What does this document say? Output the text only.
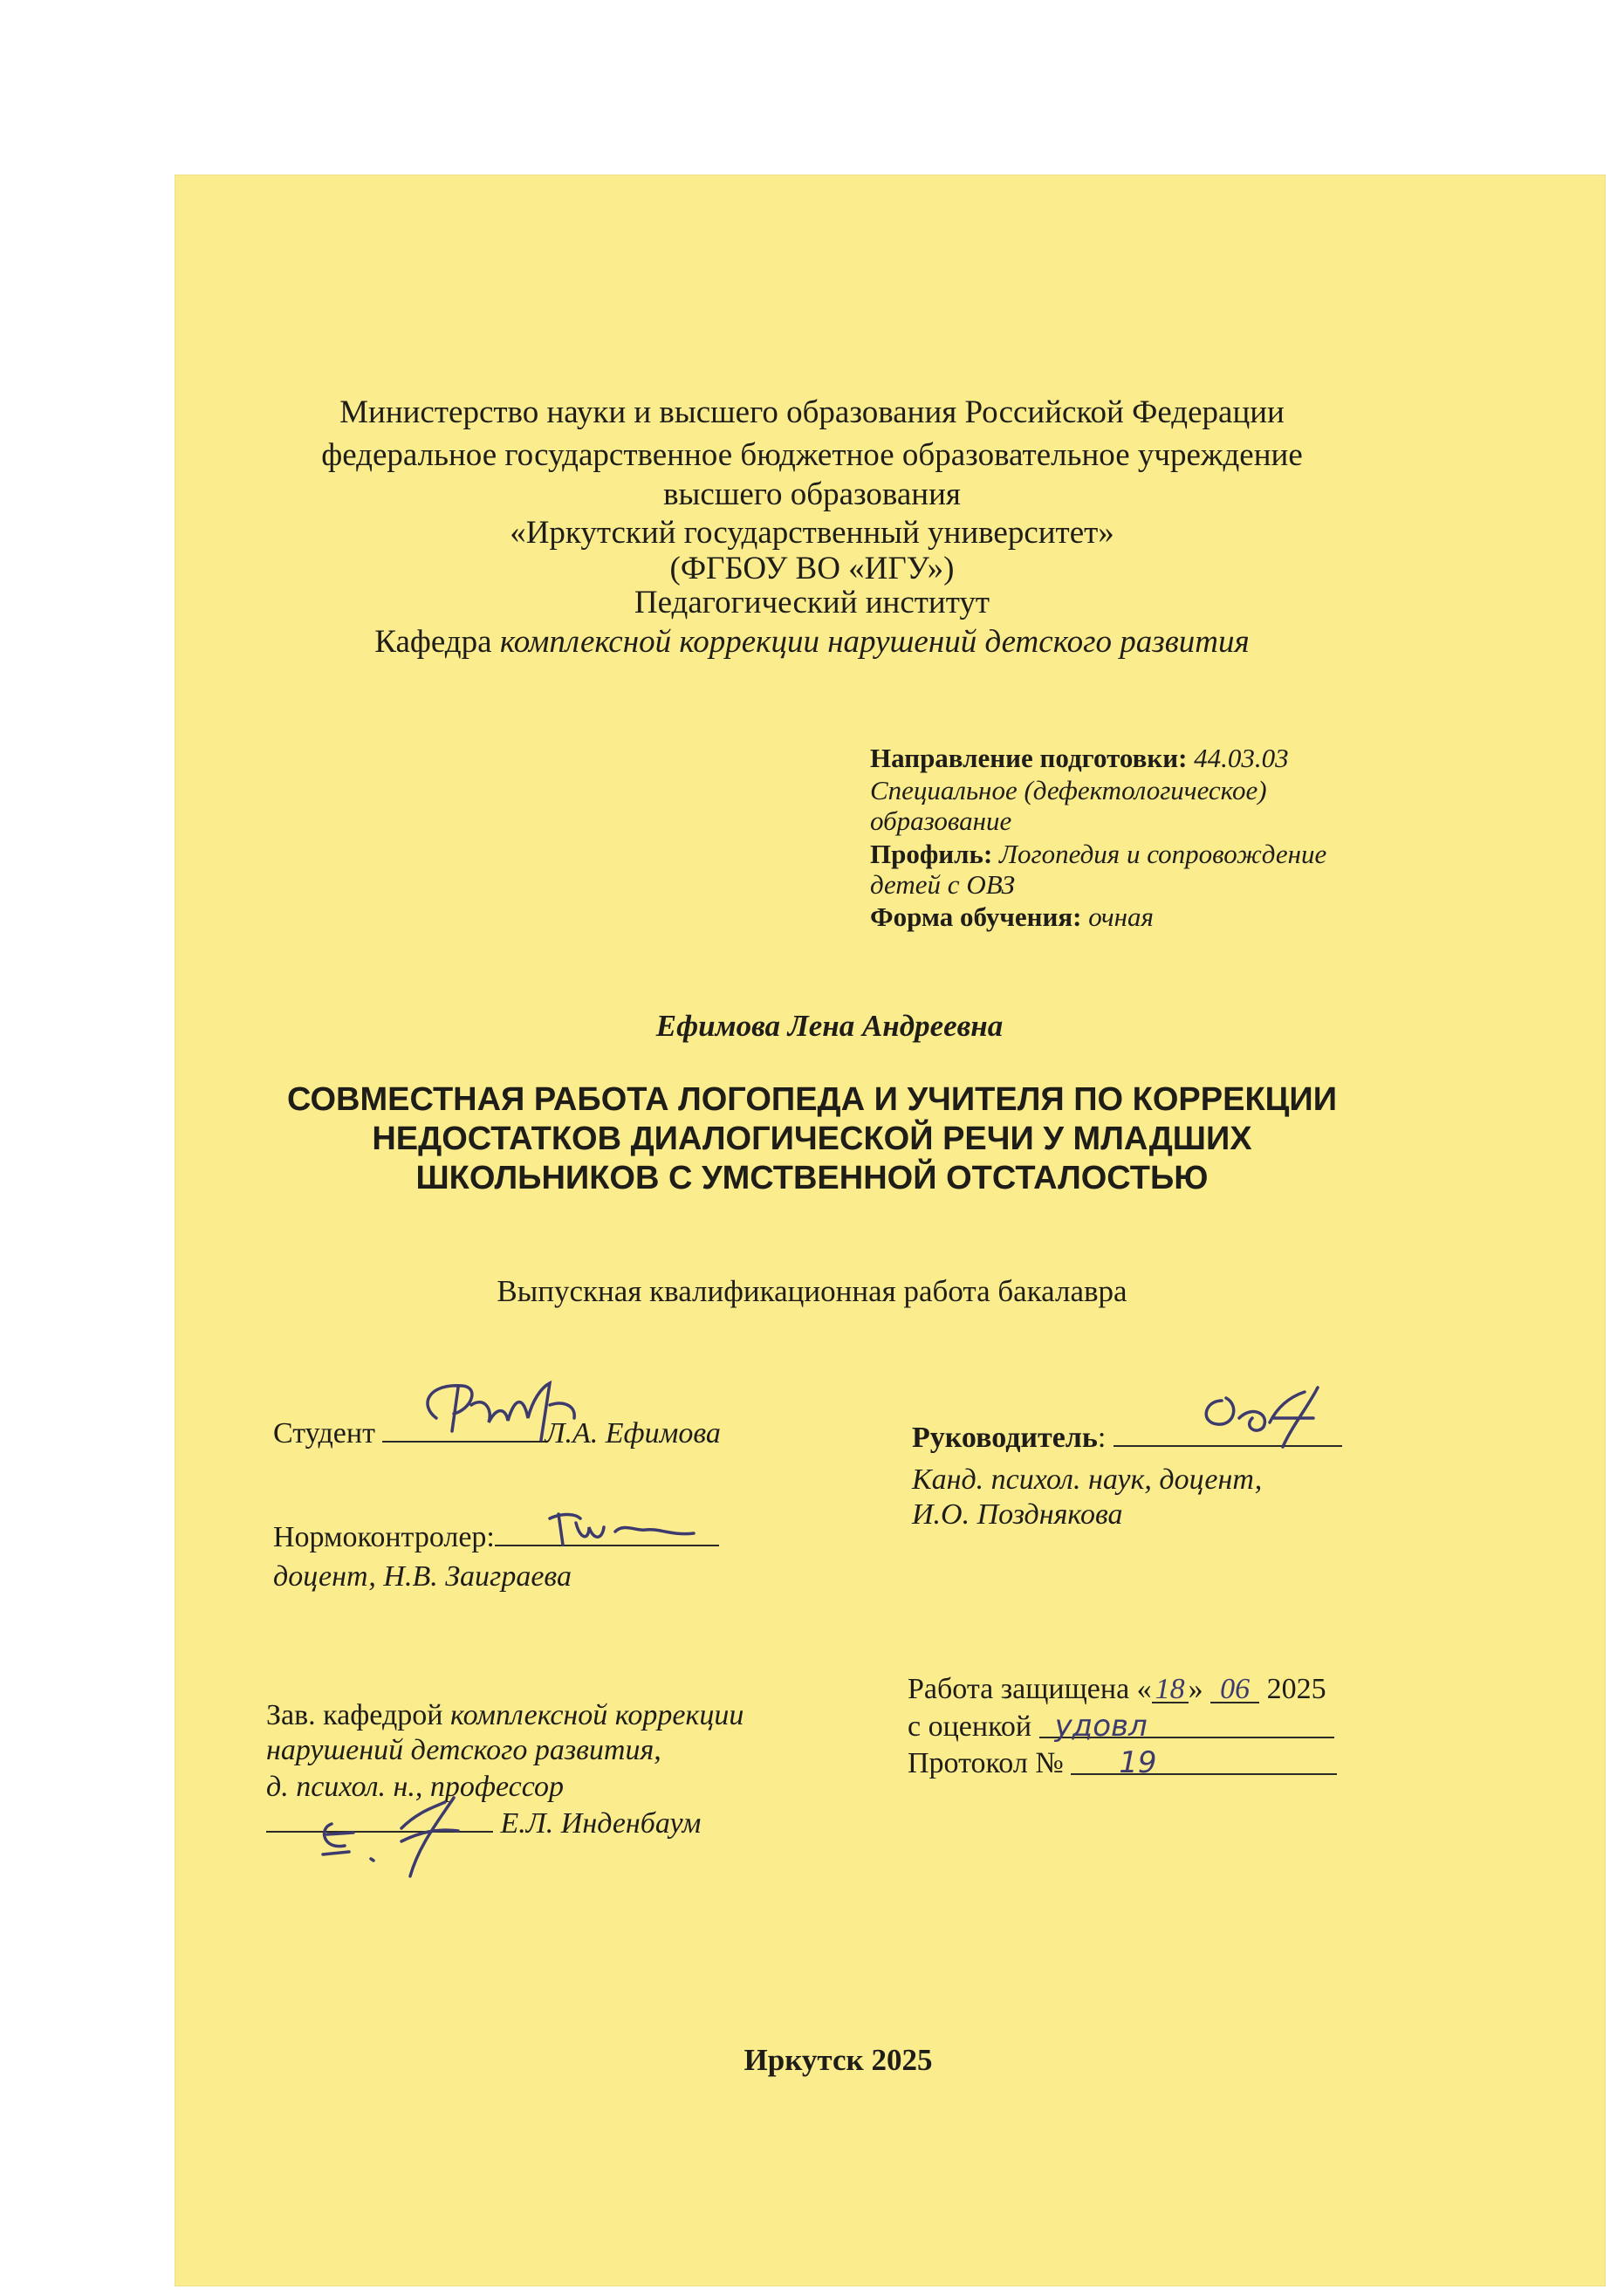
Министерство науки и высшего образования Российской Федерации
федеральное государственное бюджетное образовательное учреждение
высшего образования
«Иркутский государственный университет»
(ФГБОУ ВО «ИГУ»)
Педагогический институт
Кафедра комплексной коррекции нарушений детского развития
Направление подготовки: 44.03.03
Специальное (дефектологическое)
образование
Профиль: Логопедия и сопровождение
детей с ОВЗ
Форма обучения: очная
Ефимова Лена Андреевна
СОВМЕСТНАЯ РАБОТА ЛОГОПЕДА И УЧИТЕЛЯ ПО КОРРЕКЦИИ
НЕДОСТАТКОВ ДИАЛОГИЧЕСКОЙ РЕЧИ У МЛАДШИХ
ШКОЛЬНИКОВ С УМСТВЕННОЙ ОТСТАЛОСТЬЮ
Выпускная квалификационная работа бакалавра
Студент	Л.А. Ефимова	Руководитель:
Канд. психол. наук, доцент,
И.О. Позднякова
Нормоконтролер:
доцент, Н.В. Заиграева
Зав. кафедрой комплексной коррекции
нарушений детского развития,
д. психол. н., профессор
Е.Л. Инденбаум
Работа защищена « 18 » 06 2025
с оценкой удовл
Протокол № 19
Иркутск 2025
